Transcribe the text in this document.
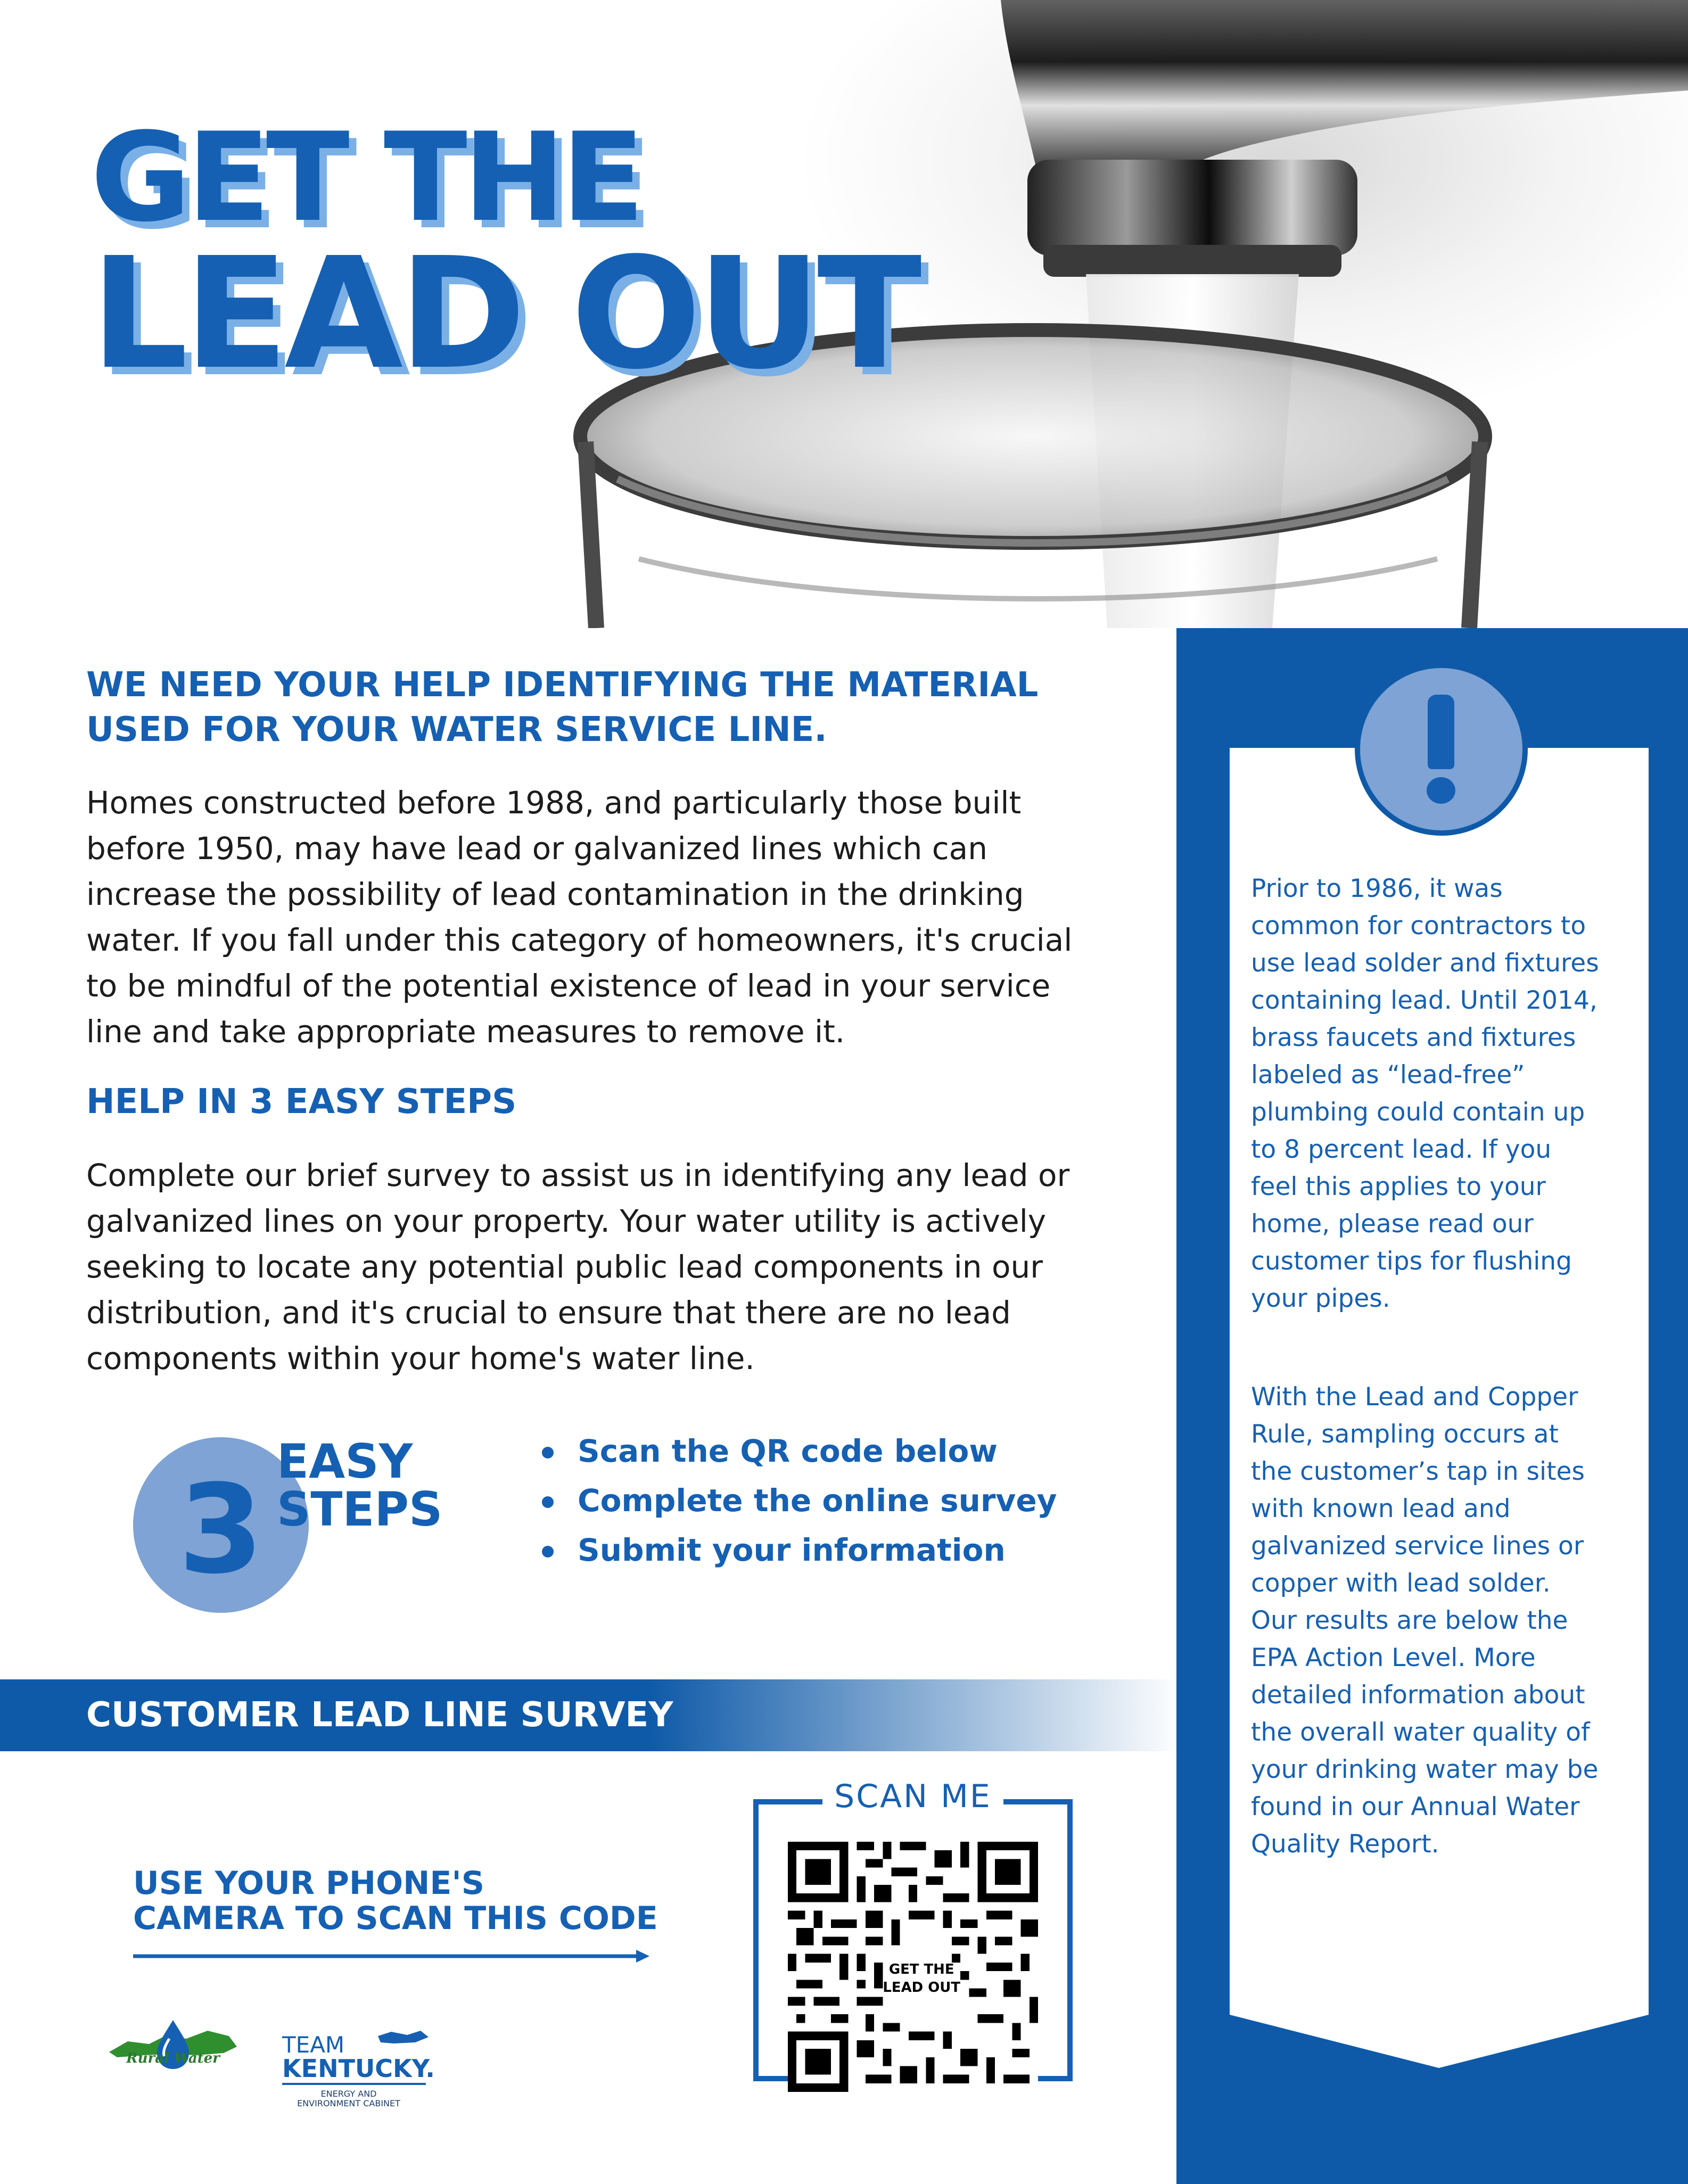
GET THE
LEAD OUT
WE NEED YOUR HELP IDENTIFYING THE MATERIAL
USED FOR YOUR WATER SERVICE LINE.

Homes constructed before 1988, and particularly those built

before 1950, may have lead or galvanized lines which can

increase the possibility of lead contamination in the drinking

water. If you fall under this category of homeowners, it's crucial

to be mindful of the potential existence of lead in your service

line and take appropriate measures to remove it.

HELP IN 3 EASY STEPS

Complete our brief survey to assist us in identifying any lead or

galvanized lines on your property. Your water utility is actively

seeking to locate any potential public lead components in our

distribution, and it's crucial to ensure that there are no lead

components within your home's water line.

3 EASY
STEPS
Scan the QR code below
Complete the online survey
Submit your information
CUSTOMER LEAD LINE SURVEY
USE YOUR PHONE'S
CAMERA TO SCAN THIS CODE
SCAN ME
GET THE
LEAD OUT
Rural Water
TEAM
KENTUCKY.
ENERGY AND
ENVIRONMENT CABINET

Prior to 1986, it was

common for contractors to

use lead solder and fixtures

containing lead. Until 2014,

brass faucets and fixtures

labeled as “lead-free”

plumbing could contain up

to 8 percent lead. If you

feel this applies to your

home, please read our

customer tips for flushing

your pipes.

With the Lead and Copper

Rule, sampling occurs at

the customer’s tap in sites

with known lead and

galvanized service lines or

copper with lead solder.

Our results are below the

EPA Action Level. More

detailed information about

the overall water quality of

your drinking water may be

found in our Annual Water

Quality Report.
